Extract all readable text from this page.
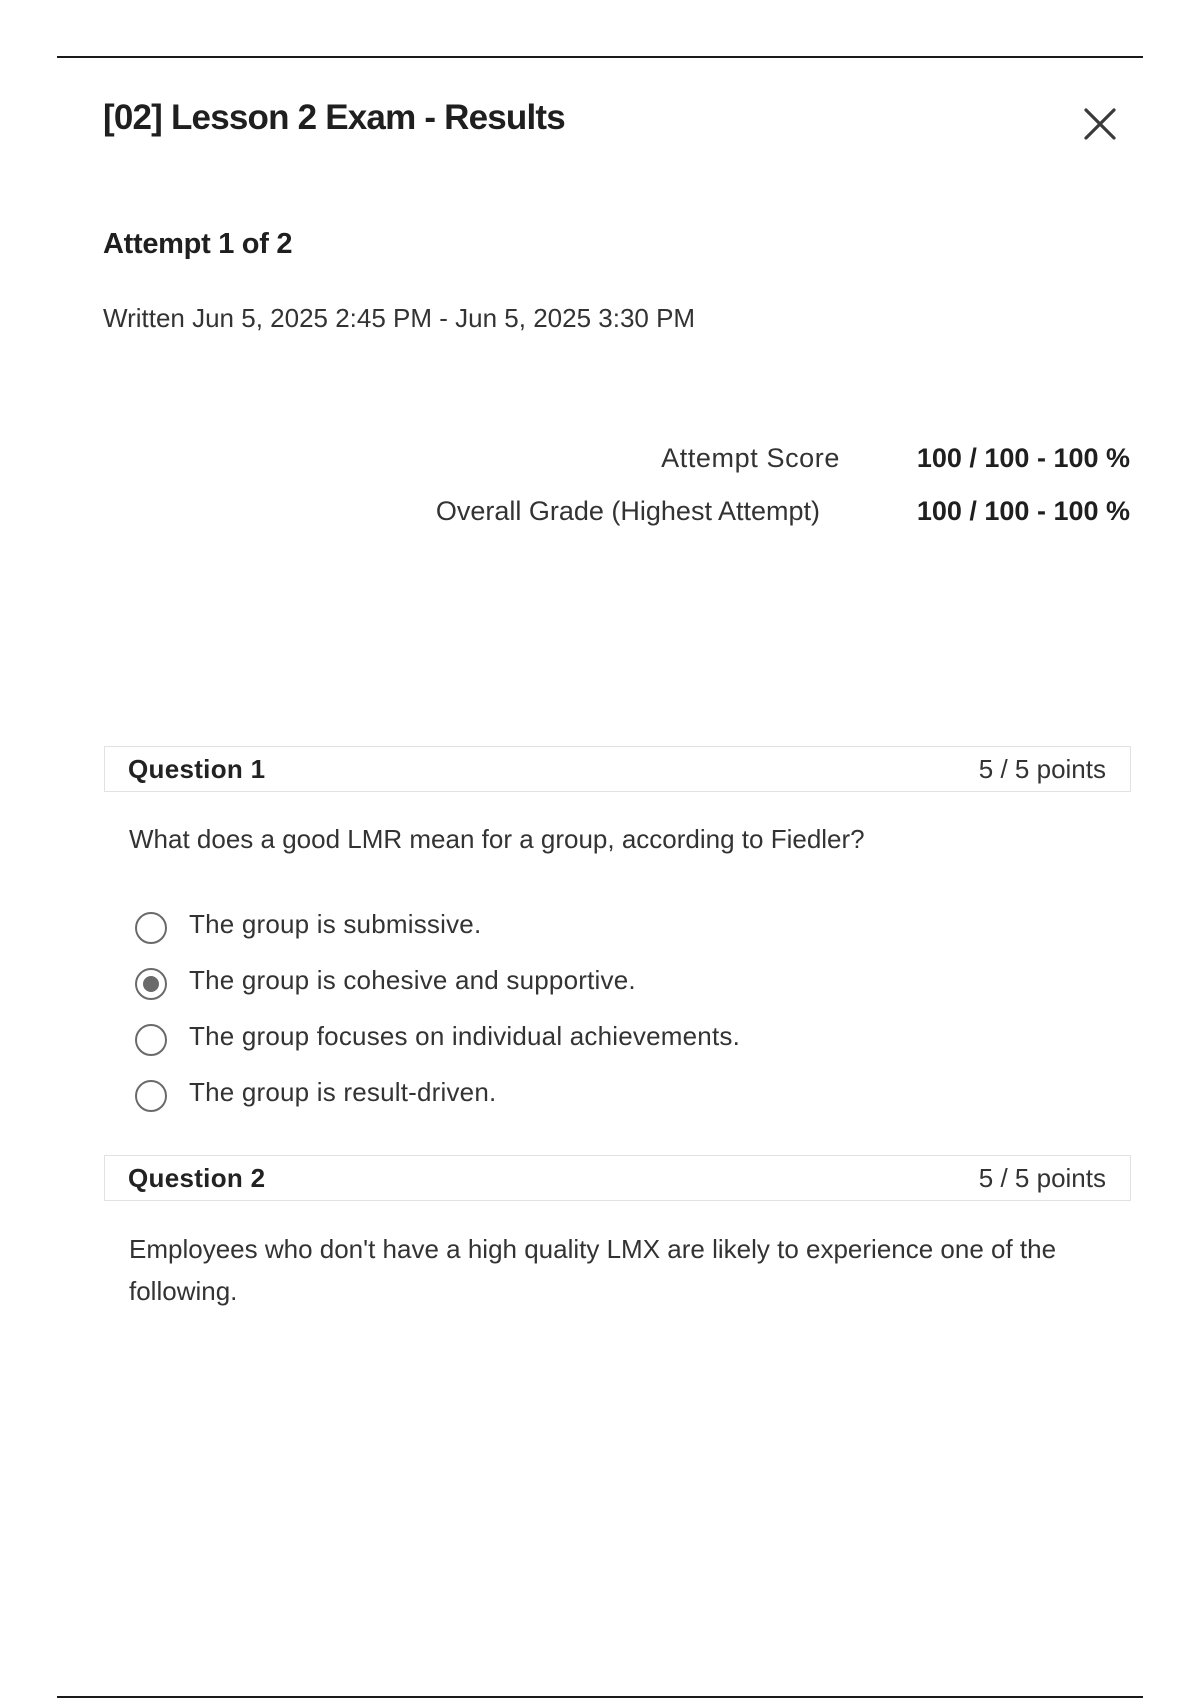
[02] Lesson 2 Exam - Results
Attempt 1 of 2
Written Jun 5, 2025 2:45 PM - Jun 5, 2025 3:30 PM
Attempt Score	100 / 100 - 100 %
Overall Grade (Highest Attempt)	100 / 100 - 100 %
Question 1	5 / 5 points
What does a good LMR mean for a group, according to Fiedler?
The group is submissive.
The group is cohesive and supportive.
The group focuses on individual achievements.
The group is result-driven.
Question 2	5 / 5 points
Employees who don't have a high quality LMX are likely to experience one of the following.
